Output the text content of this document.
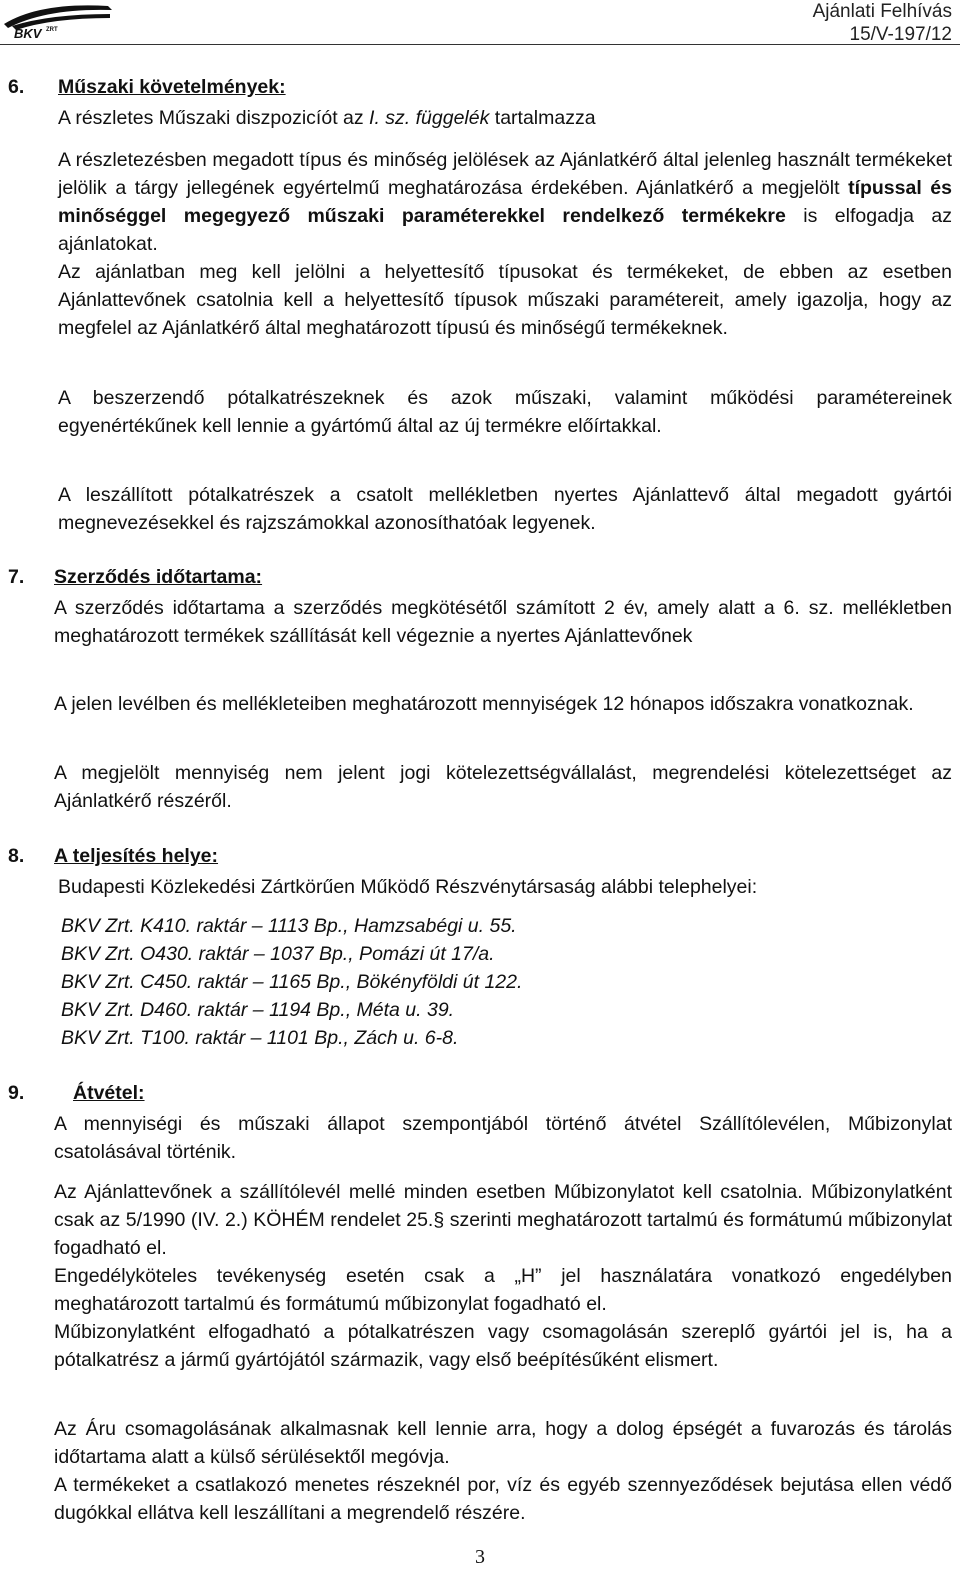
BKV ZRT
Ajánlati Felhívás
15/V-197/12
6. Műszaki követelmények:
A részletes Műszaki diszpozicíót az I. sz. függelék tartalmazza
A részletezésben megadott típus és minőség jelölések az Ajánlatkérő által jelenleg használt termékeket jelölik a tárgy jellegének egyértelmű meghatározása érdekében. Ajánlatkérő a megjelölt típussal és minőséggel megegyező műszaki paraméterekkel rendelkező termékekre is elfogadja az ajánlatokat.
Az ajánlatban meg kell jelölni a helyettesítő típusokat és termékeket, de ebben az esetben Ajánlattevőnek csatolnia kell a helyettesítő típusok műszaki paramétereit, amely igazolja, hogy az megfelel az Ajánlatkérő által meghatározott típusú és minőségű termékeknek.
A beszerzendő pótalkatrészeknek és azok műszaki, valamint működési paramétereinek egyenértékűnek kell lennie a gyártómű által az új termékre előírtakkal.
A leszállított pótalkatrészek a csatolt mellékletben nyertes Ajánlattevő által megadott gyártói megnevezésekkel és rajzszámokkal azonosíthatóak legyenek.
7. Szerződés időtartama:
A szerződés időtartama a szerződés megkötésétől számított 2 év, amely alatt a 6. sz. mellékletben meghatározott termékek szállítását kell végeznie a nyertes Ajánlattevőnek
A jelen levélben és mellékleteiben meghatározott mennyiségek 12 hónapos időszakra vonatkoznak.
A megjelölt mennyiség nem jelent jogi kötelezettségvállalást, megrendelési kötelezettséget az Ajánlatkérő részéről.
8. A teljesítés helye:
Budapesti Közlekedési Zártkörűen Működő Részvénytársaság alábbi telephelyei:
BKV Zrt. K410. raktár – 1113 Bp., Hamzsabégi u. 55.
BKV Zrt. O430. raktár – 1037 Bp., Pomázi út 17/a.
BKV Zrt. C450. raktár – 1165 Bp., Bökényföldi út 122.
BKV Zrt. D460. raktár – 1194 Bp., Méta u. 39.
BKV Zrt. T100. raktár – 1101 Bp., Zách u. 6-8.
9. Átvétel:
A mennyiségi és műszaki állapot szempontjából történő átvétel Szállítólevélen, Műbizonylat csatolásával történik.
Az Ajánlattevőnek a szállítólevél mellé minden esetben Műbizonylatot kell csatolnia. Műbizonylatként csak az 5/1990 (IV. 2.) KÖHÉM rendelet 25.§ szerinti meghatározott tartalmú és formátumú műbizonylat fogadható el.
Engedélyköteles tevékenység esetén csak a „H” jel használatára vonatkozó engedélyben meghatározott tartalmú és formátumú műbizonylat fogadható el.
Műbizonylatként elfogadható a pótalkatrészen vagy csomagolásán szereplő gyártói jel is, ha a pótalkatrész a jármű gyártójától származik, vagy első beépítésűként elismert.
Az Áru csomagolásának alkalmasnak kell lennie arra, hogy a dolog épségét a fuvarozás és tárolás időtartama alatt a külső sérülésektől megóvja.
A termékeket a csatlakozó menetes részeknél por, víz és egyéb szennyeződések bejutása ellen védő dugókkal ellátva kell leszállítani a megrendelő részére.
3
